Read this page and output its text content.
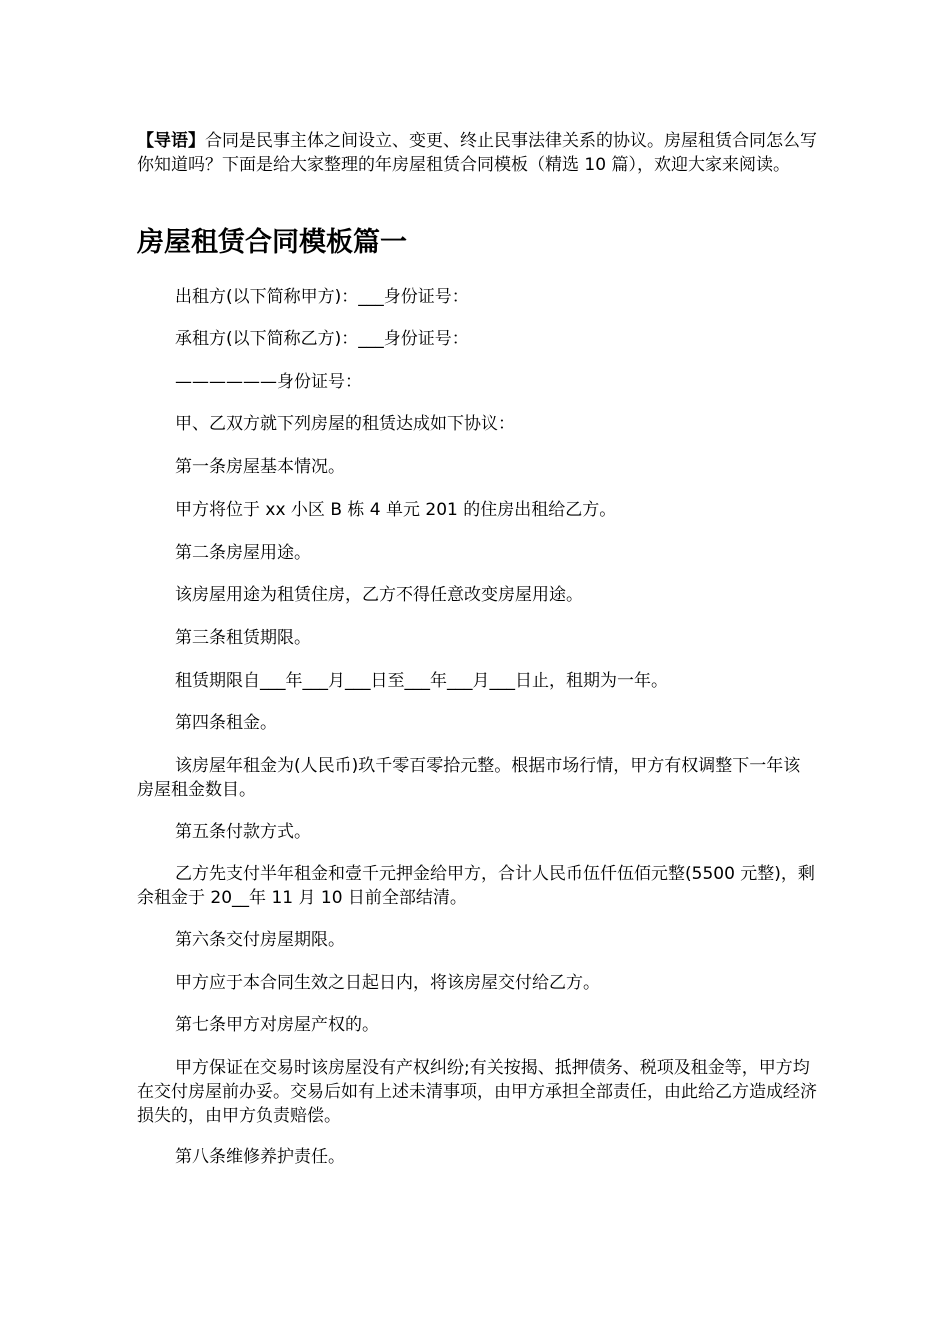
【导语】合同是民事主体之间设立、变更、终止民事法律关系的协议。房屋租赁合同怎么写你知道吗？下面是给大家整理的年房屋租赁合同模板（精选 10 篇），欢迎大家来阅读。

房屋租赁合同模板篇一

出租方(以下简称甲方)：___身份证号：

承租方(以下简称乙方)：___身份证号：

——————身份证号：

甲、乙双方就下列房屋的租赁达成如下协议：

第一条房屋基本情况。

甲方将位于 xx 小区 B 栋 4 单元 201 的住房出租给乙方。

第二条房屋用途。

该房屋用途为租赁住房，乙方不得任意改变房屋用途。

第三条租赁期限。

租赁期限自___年___月___日至___年___月___日止，租期为一年。

第四条租金。

该房屋年租金为(人民币)玖千零百零拾元整。根据市场行情，甲方有权调整下一年该房屋租金数目。

第五条付款方式。

乙方先支付半年租金和壹千元押金给甲方，合计人民币伍仟伍佰元整(5500 元整)，剩余租金于 20__年 11 月 10 日前全部结清。

第六条交付房屋期限。

甲方应于本合同生效之日起日内，将该房屋交付给乙方。

第七条甲方对房屋产权的。

甲方保证在交易时该房屋没有产权纠纷;有关按揭、抵押债务、税项及租金等，甲方均在交付房屋前办妥。交易后如有上述未清事项，由甲方承担全部责任，由此给乙方造成经济损失的，由甲方负责赔偿。

第八条维修养护责任。
